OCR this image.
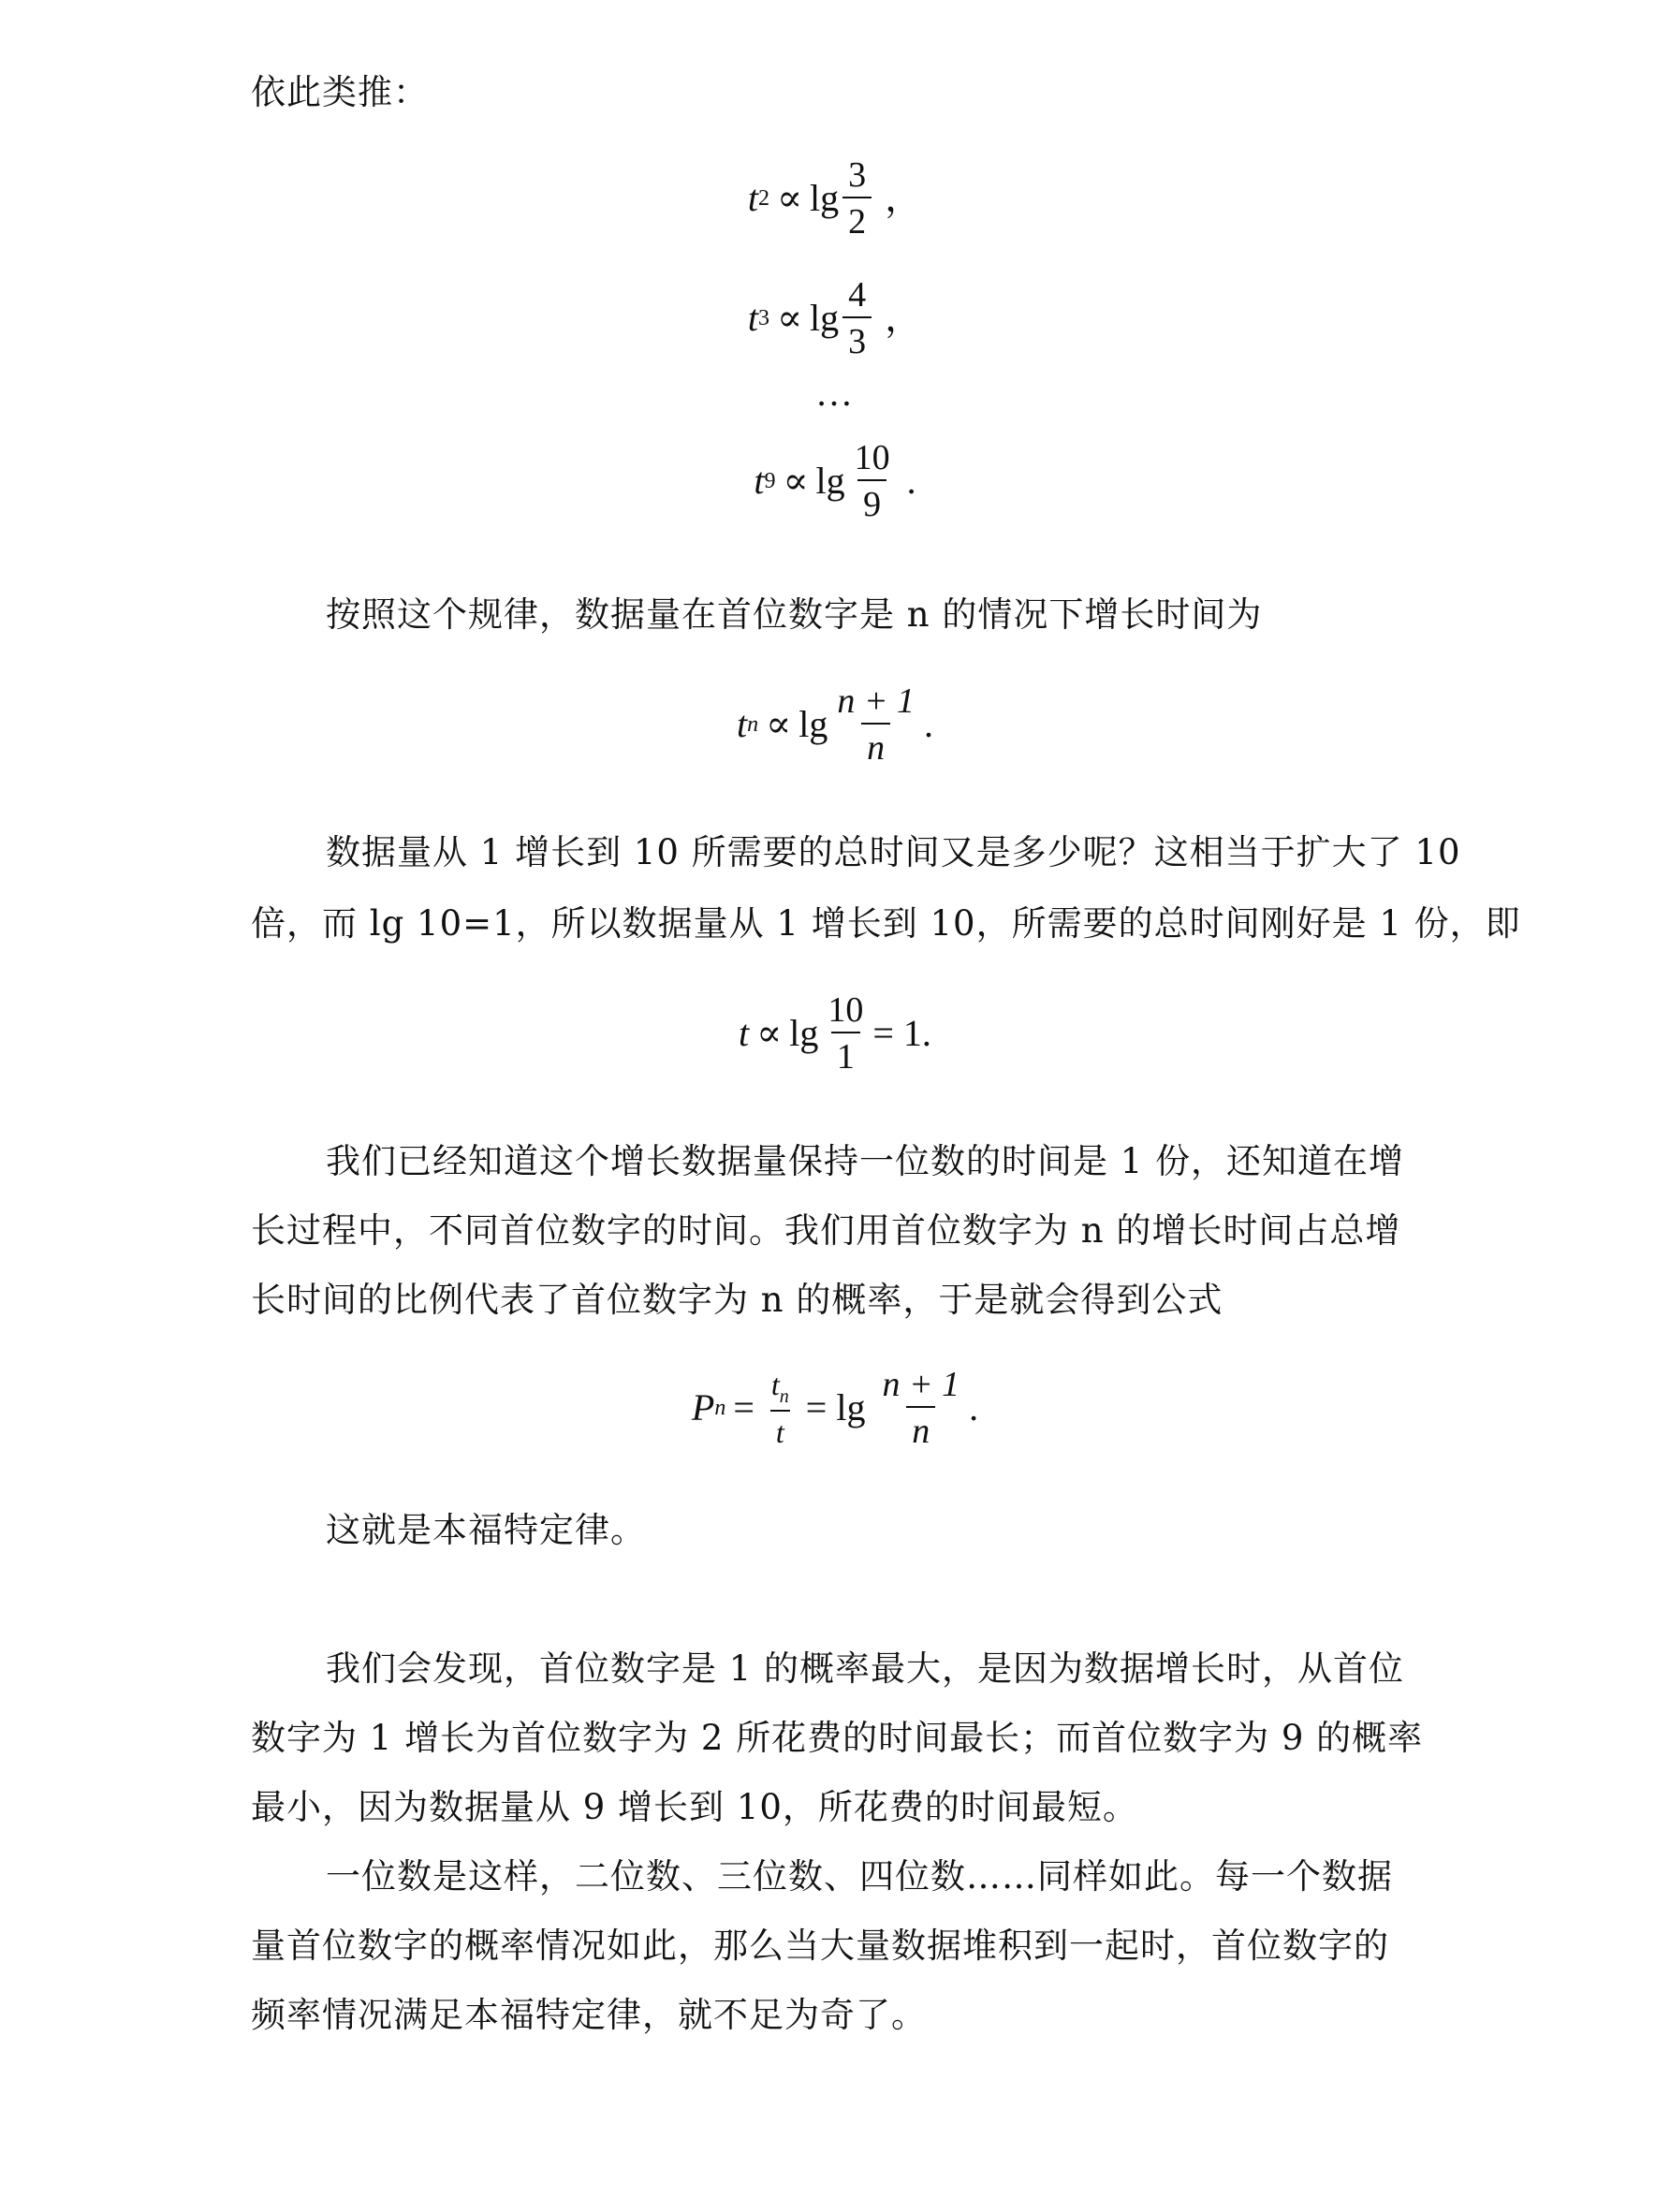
依此类推：

t $2 \propto \lg \frac{3}{2}$ ，
t $3 \propto \lg \frac{4}{3}$ ，
…
t $9 \propto \lg \frac{10}{9}$ .

按照这个规律，数据量在首位数字是 n 的情况下增长时间为

t $n \propto \lg \frac{n + 1}{n}$ .

数据量从 1 增长到 10 所需要的总时间又是多少呢？这相当于扩大了 10

倍，而 lg 10=1，所以数据量从 1 增长到 10，所需要的总时间刚好是 1 份，即

$t \propto \lg \frac{10}{1} = 1$.

我们已经知道这个增长数据量保持一位数的时间是 1 份，还知道在增

长过程中，不同首位数字的时间。我们用首位数字为 n 的增长时间占总增

长时间的比例代表了首位数字为 n 的概率，于是就会得到公式

P $n = \frac{t_n}{t} = \lg \frac{n + 1}{n}$ .

这就是本福特定律。

我们会发现，首位数字是 1 的概率最大，是因为数据增长时，从首位

数字为 1 增长为首位数字为 2 所花费的时间最长；而首位数字为 9 的概率

最小，因为数据量从 9 增长到 10，所花费的时间最短。

一位数是这样，二位数、三位数、四位数……同样如此。每一个数据

量首位数字的概率情况如此，那么当大量数据堆积到一起时，首位数字的

频率情况满足本福特定律，就不足为奇了。
